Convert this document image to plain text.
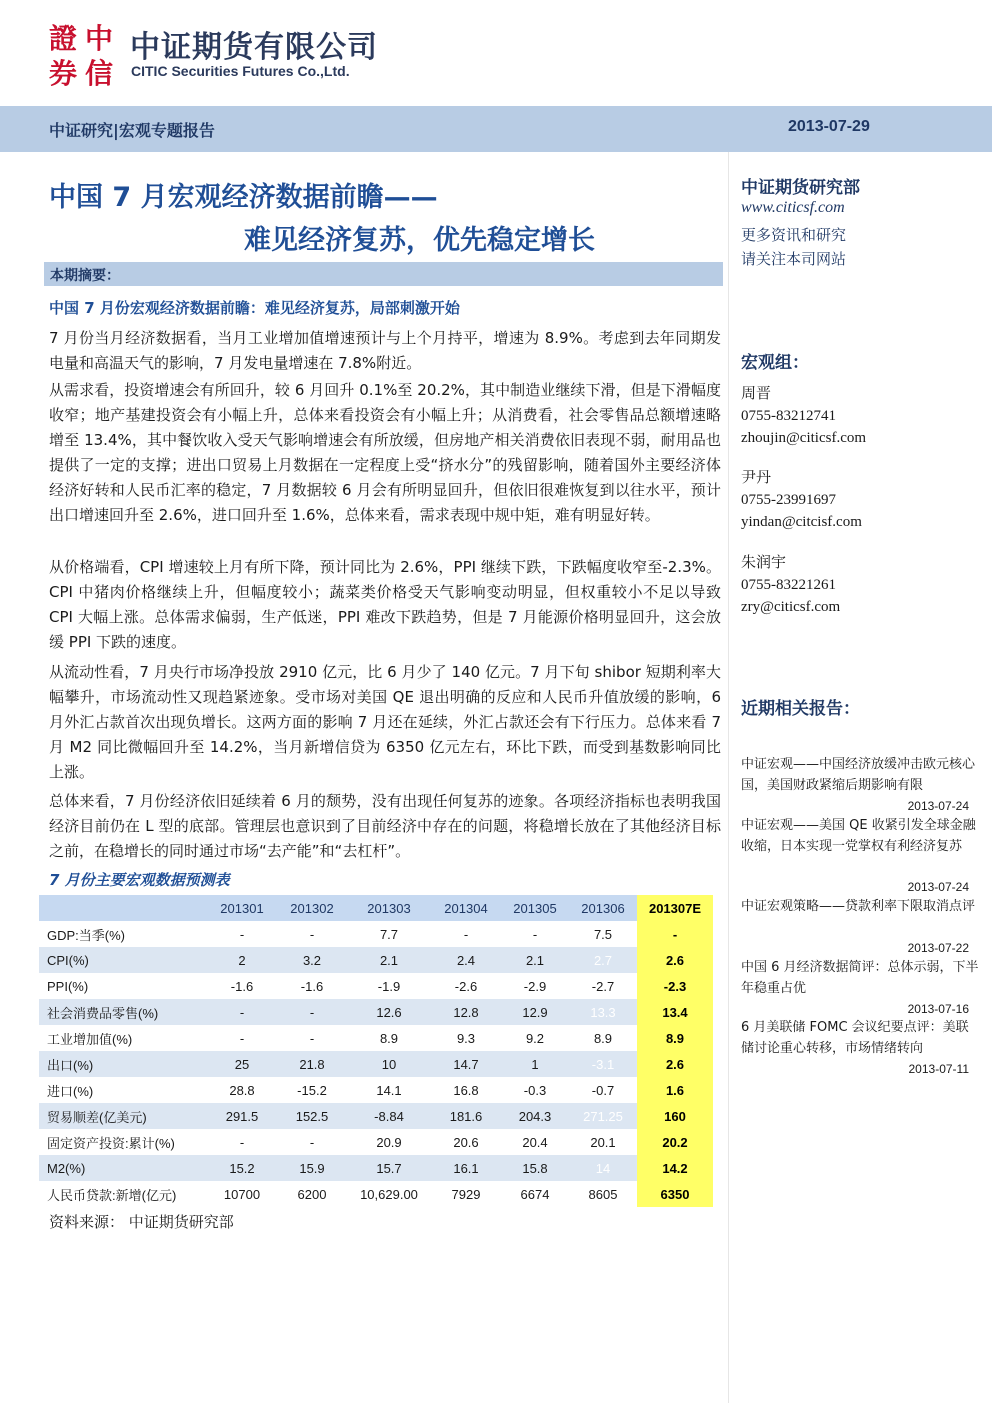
證 中
券 信
中证期货有限公司
CITIC Securities Futures Co.,Ltd.
中证研究|宏观专题报告	2013-07-29
中国 7 月宏观经济数据前瞻——
难见经济复苏，优先稳定增长
本期摘要：
中国 7 月份宏观经济数据前瞻：难见经济复苏，局部刺激开始
7 月份当月经济数据看，当月工业增加值增速预计与上个月持平，增速为 8.9%。考虑到去年同期发电量和高温天气的影响，7 月发电量增速在 7.8%附近。
从需求看，投资增速会有所回升，较 6 月回升 0.1%至 20.2%，其中制造业继续下滑，但是下滑幅度收窄；地产基建投资会有小幅上升，总体来看投资会有小幅上升；从消费看，社会零售品总额增速略增至 13.4%，其中餐饮收入受天气影响增速会有所放缓，但房地产相关消费依旧表现不弱，耐用品也提供了一定的支撑；进出口贸易上月数据在一定程度上受“挤水分”的残留影响，随着国外主要经济体经济好转和人民币汇率的稳定，7 月数据较 6 月会有所明显回升，但依旧很难恢复到以往水平，预计出口增速回升至 2.6%，进口回升至 1.6%，总体来看，需求表现中规中矩，难有明显好转。
从价格端看，CPI 增速较上月有所下降，预计同比为 2.6%，PPI 继续下跌，下跌幅度收窄至-2.3%。CPI 中猪肉价格继续上升，但幅度较小；蔬菜类价格受天气影响变动明显，但权重较小不足以导致 CPI 大幅上涨。总体需求偏弱，生产低迷，PPI 难改下跌趋势，但是 7 月能源价格明显回升，这会放缓 PPI 下跌的速度。
从流动性看，7 月央行市场净投放 2910 亿元，比 6 月少了 140 亿元。7 月下旬 shibor 短期利率大幅攀升，市场流动性又现趋紧迹象。受市场对美国 QE 退出明确的反应和人民币升值放缓的影响，6 月外汇占款首次出现负增长。这两方面的影响 7 月还在延续，外汇占款还会有下行压力。总体来看 7 月 M2 同比微幅回升至 14.2%，当月新增信贷为 6350 亿元左右，环比下跌，而受到基数影响同比上涨。
总体来看，7 月份经济依旧延续着 6 月的颓势，没有出现任何复苏的迹象。各项经济指标也表明我国经济目前仍在 L 型的底部。管理层也意识到了目前经济中存在的问题，将稳增长放在了其他经济目标之前，在稳增长的同时通过市场“去产能”和“去杠杆”。
7 月份主要宏观数据预测表
	201301	201302	201303	201304	201305	201306	201307E
GDP:当季(%)	-	-	7.7	-	-	7.5	-
CPI(%)	2	3.2	2.1	2.4	2.1	2.7	2.6
PPI(%)	-1.6	-1.6	-1.9	-2.6	-2.9	-2.7	-2.3
社会消费品零售(%)	-	-	12.6	12.8	12.9	13.3	13.4
工业增加值(%)	-	-	8.9	9.3	9.2	8.9	8.9
出口(%)	25	21.8	10	14.7	1	-3.1	2.6
进口(%)	28.8	-15.2	14.1	16.8	-0.3	-0.7	1.6
贸易顺差(亿美元)	291.5	152.5	-8.84	181.6	204.3	271.25	160
固定资产投资:累计(%)	-	-	20.9	20.6	20.4	20.1	20.2
M2(%)	15.2	15.9	15.7	16.1	15.8	14	14.2
人民币贷款:新增(亿元)	10700	6200	10,629.00	7929	6674	8605	6350
资料来源： 中证期货研究部
中证期货研究部
www.citicsf.com
更多资讯和研究
请关注本司网站
宏观组：
周晋
0755-83212741
zhoujin@citicsf.com
尹丹
0755-23991697
yindan@citcisf.com
朱润宇
0755-83221261
zry@citicsf.com
近期相关报告：
中证宏观——中国经济放缓冲击欧元核心国，美国财政紧缩后期影响有限
2013-07-24
中证宏观——美国 QE 收紧引发全球金融收缩，日本实现一党掌权有利经济复苏
2013-07-24
中证宏观策略——贷款利率下限取消点评
2013-07-22
中国 6 月经济数据简评：总体示弱，下半年稳重占优
2013-07-16
6 月美联储 FOMC 会议纪要点评：美联储讨论重心转移，市场情绪转向
2013-07-11
